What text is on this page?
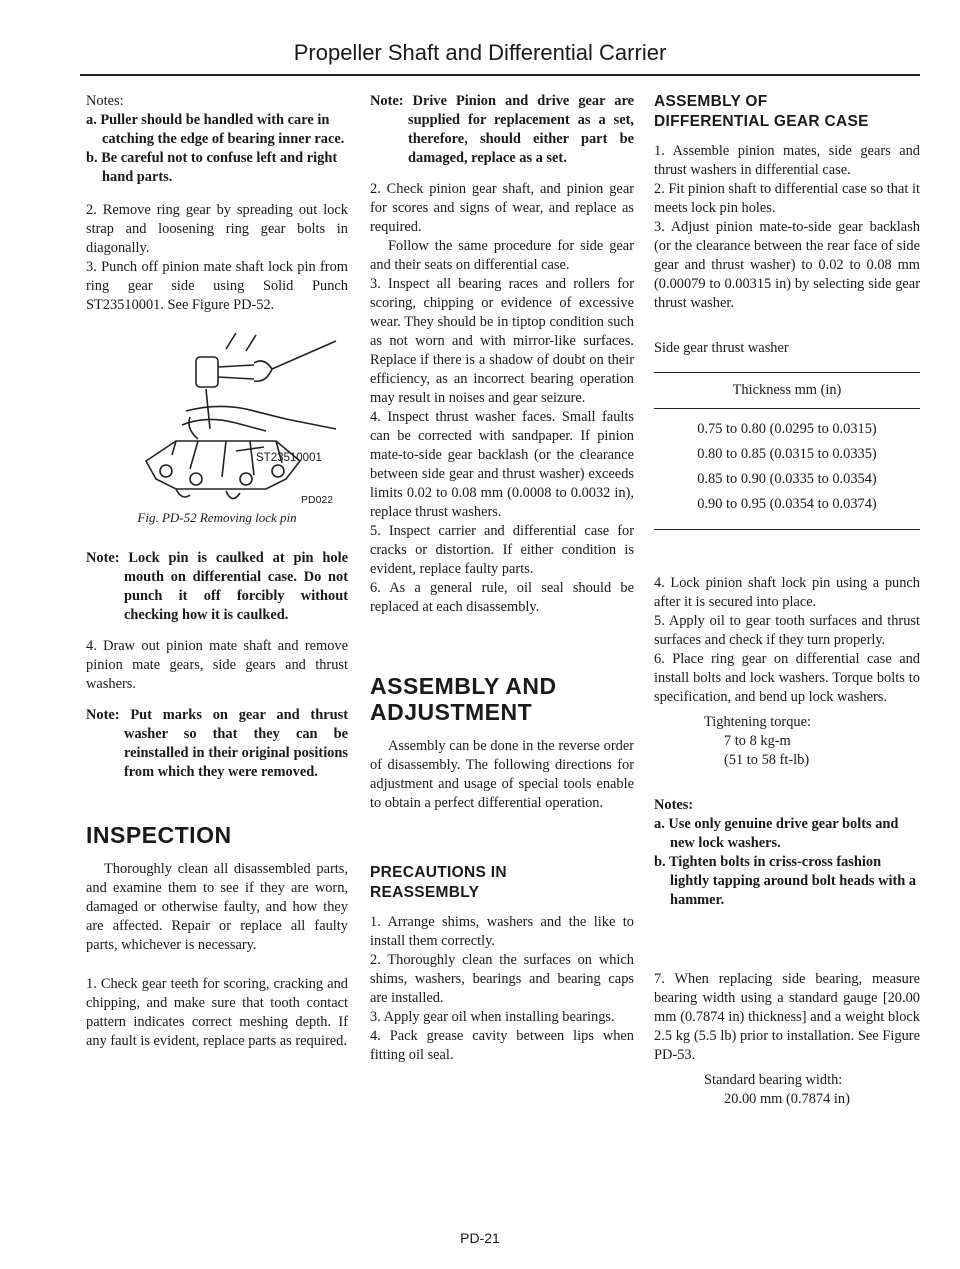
Propeller Shaft and Differential Carrier
Notes:
a. Puller should be handled with care in catching the edge of bearing inner race.
b. Be careful not to confuse left and right hand parts.

2. Remove ring gear by spreading out lock strap and loosening ring gear bolts in diagonally.

3. Punch off pinion mate shaft lock pin from ring gear side using Solid Punch ST23510001. See Figure PD-52.

ST23510001
PD022
Fig. PD-52 Removing lock pin

Note: Lock pin is caulked at pin hole mouth on differential case. Do not punch it off forcibly without checking how it is caulked.

4. Draw out pinion mate shaft and remove pinion mate gears, side gears and thrust washers.

Note: Put marks on gear and thrust washer so that they can be reinstalled in their original positions from which they were removed.

INSPECTION

Thoroughly clean all disassembled parts, and examine them to see if they are worn, damaged or otherwise faulty, and how they are affected. Repair or replace all faulty parts, whichever is necessary.

1. Check gear teeth for scoring, cracking and chipping, and make sure that tooth contact pattern indicates correct meshing depth. If any fault is evident, replace parts as required.

Note: Drive Pinion and drive gear are supplied for replacement as a set, therefore, should either part be damaged, replace as a set.

2. Check pinion gear shaft, and pinion gear for scores and signs of wear, and replace as required.

Follow the same procedure for side gear and their seats on differential case.

3. Inspect all bearing races and rollers for scoring, chipping or evidence of excessive wear. They should be in tiptop condition such as not worn and with mirror-like surfaces. Replace if there is a shadow of doubt on their efficiency, as an incorrect bearing operation may result in noises and gear seizure.

4. Inspect thrust washer faces. Small faults can be corrected with sandpaper. If pinion mate-to-side gear backlash (or the clearance between side gear and thrust washer) exceeds limits 0.02 to 0.08 mm (0.0008 to 0.0032 in), replace thrust washers.

5. Inspect carrier and differential case for cracks or distortion. If either condition is evident, replace faulty parts.

6. As a general rule, oil seal should be replaced at each disassembly.

ASSEMBLY AND
ADJUSTMENT

Assembly can be done in the reverse order of disassembly. The following directions for adjustment and usage of special tools enable to obtain a perfect differential operation.

PRECAUTIONS IN
REASSEMBLY

1. Arrange shims, washers and the like to install them correctly.

2. Thoroughly clean the surfaces on which shims, washers, bearings and bearing caps are installed.

3. Apply gear oil when installing bearings.

4. Pack grease cavity between lips when fitting oil seal.

ASSEMBLY OF
DIFFERENTIAL GEAR CASE

1. Assemble pinion mates, side gears and thrust washers in differential case.

2. Fit pinion shaft to differential case so that it meets lock pin holes.

3. Adjust pinion mate-to-side gear backlash (or the clearance between the rear face of side gear and thrust washer) to 0.02 to 0.08 mm (0.00079 to 0.00315 in) by selecting side gear thrust washer.

Side gear thrust washer

Thickness mm (in)
0.75 to 0.80 (0.0295 to 0.0315)
0.80 to 0.85 (0.0315 to 0.0335)
0.85 to 0.90 (0.0335 to 0.0354)
0.90 to 0.95 (0.0354 to 0.0374)

4. Lock pinion shaft lock pin using a punch after it is secured into place.

5. Apply oil to gear tooth surfaces and thrust surfaces and check if they turn properly.

6. Place ring gear on differential case and install bolts and lock washers. Torque bolts to specification, and bend up lock washers.

Tightening torque:
7 to 8 kg-m
(51 to 58 ft-lb)
Notes:
a. Use only genuine drive gear bolts and new lock washers.
b. Tighten bolts in criss-cross fashion lightly tapping around bolt heads with a hammer.

7. When replacing side bearing, measure bearing width using a standard gauge [20.00 mm (0.7874 in) thickness] and a weight block 2.5 kg (5.5 lb) prior to installation. See Figure PD-53.

Standard bearing width:
20.00 mm (0.7874 in)
PD-21
